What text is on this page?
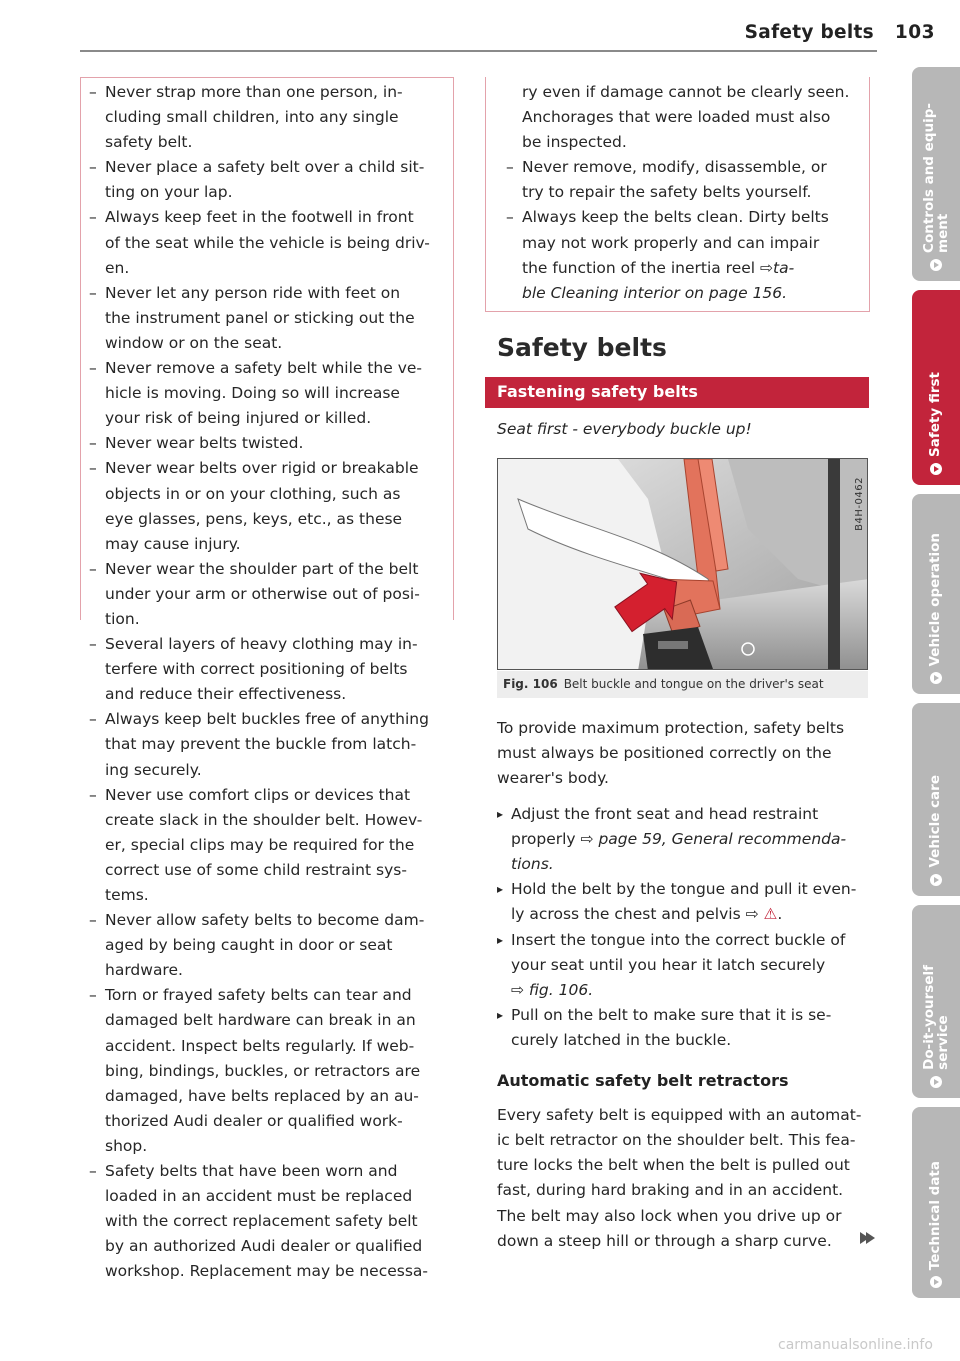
Safety belts 103
– Never strap more than one person, in-
cluding small children, into any single
safety belt.
– Never place a safety belt over a child sit-
ting on your lap.
– Always keep feet in the footwell in front
of the seat while the vehicle is being driv-
en.
– Never let any person ride with feet on
the instrument panel or sticking out the
window or on the seat.
– Never remove a safety belt while the ve-
hicle is moving. Doing so will increase
your risk of being injured or killed.
– Never wear belts twisted.
– Never wear belts over rigid or breakable
objects in or on your clothing, such as
eye glasses, pens, keys, etc., as these
may cause injury.
– Never wear the shoulder part of the belt
under your arm or otherwise out of posi-
tion.
– Several layers of heavy clothing may in-
terfere with correct positioning of belts
and reduce their effectiveness.
– Always keep belt buckles free of anything
that may prevent the buckle from latch-
ing securely.
– Never use comfort clips or devices that
create slack in the shoulder belt. Howev-
er, special clips may be required for the
correct use of some child restraint sys-
tems.
– Never allow safety belts to become dam-
aged by being caught in door or seat
hardware.
– Torn or frayed safety belts can tear and
damaged belt hardware can break in an
accident. Inspect belts regularly. If web-
bing, bindings, buckles, or retractors are
damaged, have belts replaced by an au-
thorized Audi dealer or qualified work-
shop.
– Safety belts that have been worn and
loaded in an accident must be replaced
with the correct replacement safety belt
by an authorized Audi dealer or qualified
workshop. Replacement may be necessa-
ry even if damage cannot be clearly seen.
Anchorages that were loaded must also
be inspected.
– Never remove, modify, disassemble, or
try to repair the safety belts yourself.
– Always keep the belts clean. Dirty belts
may not work properly and can impair
the function of the inertia reel ⇨ta-
ble Cleaning interior on page 156.
Safety belts
Fastening safety belts
Seat first - everybody buckle up!
B4H-0462
Fig. 106 Belt buckle and tongue on the driver's seat

To provide maximum protection, safety belts

must always be positioned correctly on the

wearer's body.

▸ Adjust the front seat and head restraint
properly ⇨ page 59, General recommenda-
tions.
▸ Hold the belt by the tongue and pull it even-
ly across the chest and pelvis ⇨ ⚠.
▸ Insert the tongue into the correct buckle of
your seat until you hear it latch securely
⇨ fig. 106.
▸ Pull on the belt to make sure that it is se-
curely latched in the buckle.

Automatic safety belt retractors

Every safety belt is equipped with an automat-

ic belt retractor on the shoulder belt. This fea-

ture locks the belt when the belt is pulled out

fast, during hard braking and in an accident.

The belt may also lock when you drive up or

down a steep hill or through a sharp curve.

Controls and equip-
ment
Safety first
Vehicle operation
Vehicle care
Do-it-yourself
service
Technical data
carmanualsonline.info
